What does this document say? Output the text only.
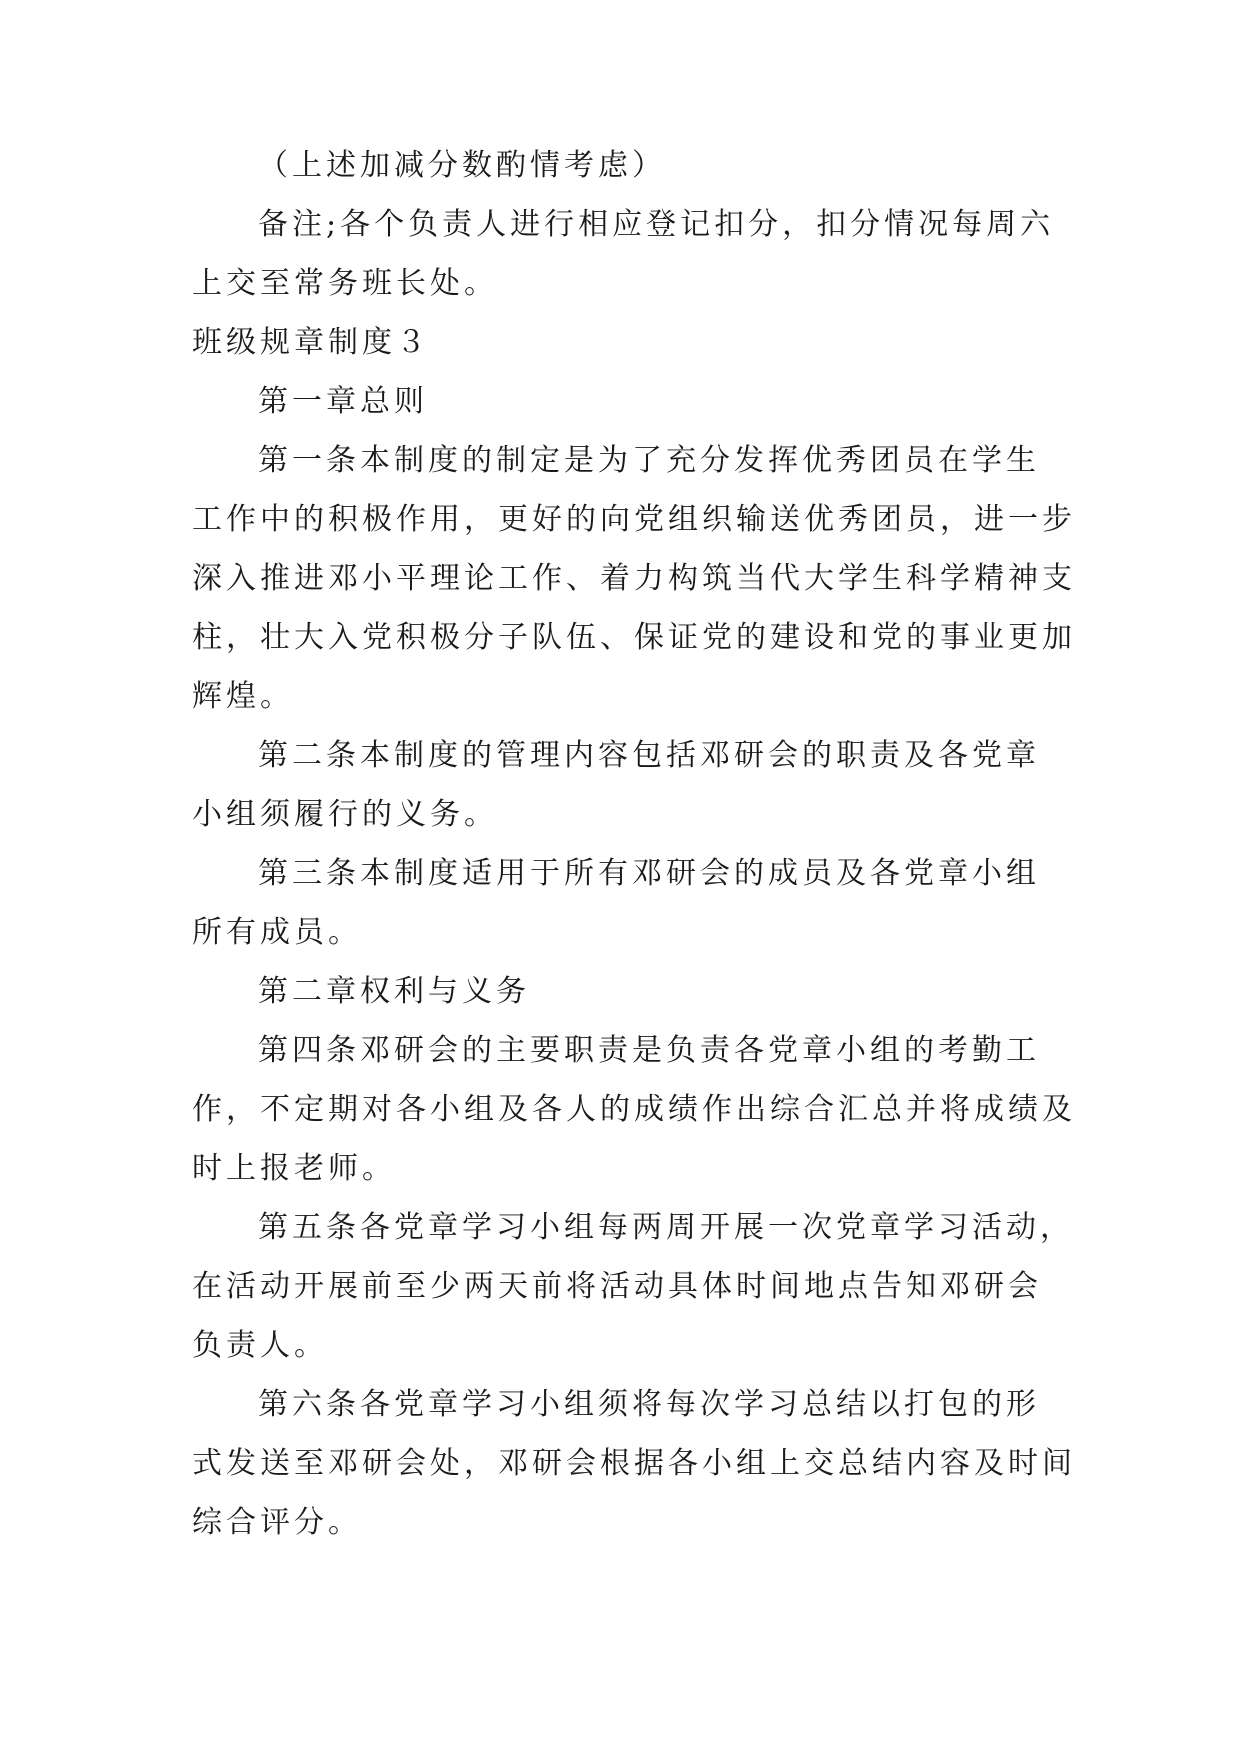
（上述加减分数酌情考虑）
备注;各个负责人进行相应登记扣分，扣分情况每周六
上交至常务班长处。
班级规章制度３
第一章总则
第一条本制度的制定是为了充分发挥优秀团员在学生
工作中的积极作用，更好的向党组织输送优秀团员，进一步
深入推进邓小平理论工作、着力构筑当代大学生科学精神支
柱，壮大入党积极分子队伍、保证党的建设和党的事业更加
辉煌。
第二条本制度的管理内容包括邓研会的职责及各党章
小组须履行的义务。
第三条本制度适用于所有邓研会的成员及各党章小组
所有成员。
第二章权利与义务
第四条邓研会的主要职责是负责各党章小组的考勤工
作，不定期对各小组及各人的成绩作出综合汇总并将成绩及
时上报老师。
第五条各党章学习小组每两周开展一次党章学习活动，
在活动开展前至少两天前将活动具体时间地点告知邓研会
负责人。
第六条各党章学习小组须将每次学习总结以打包的形
式发送至邓研会处，邓研会根据各小组上交总结内容及时间
综合评分。
